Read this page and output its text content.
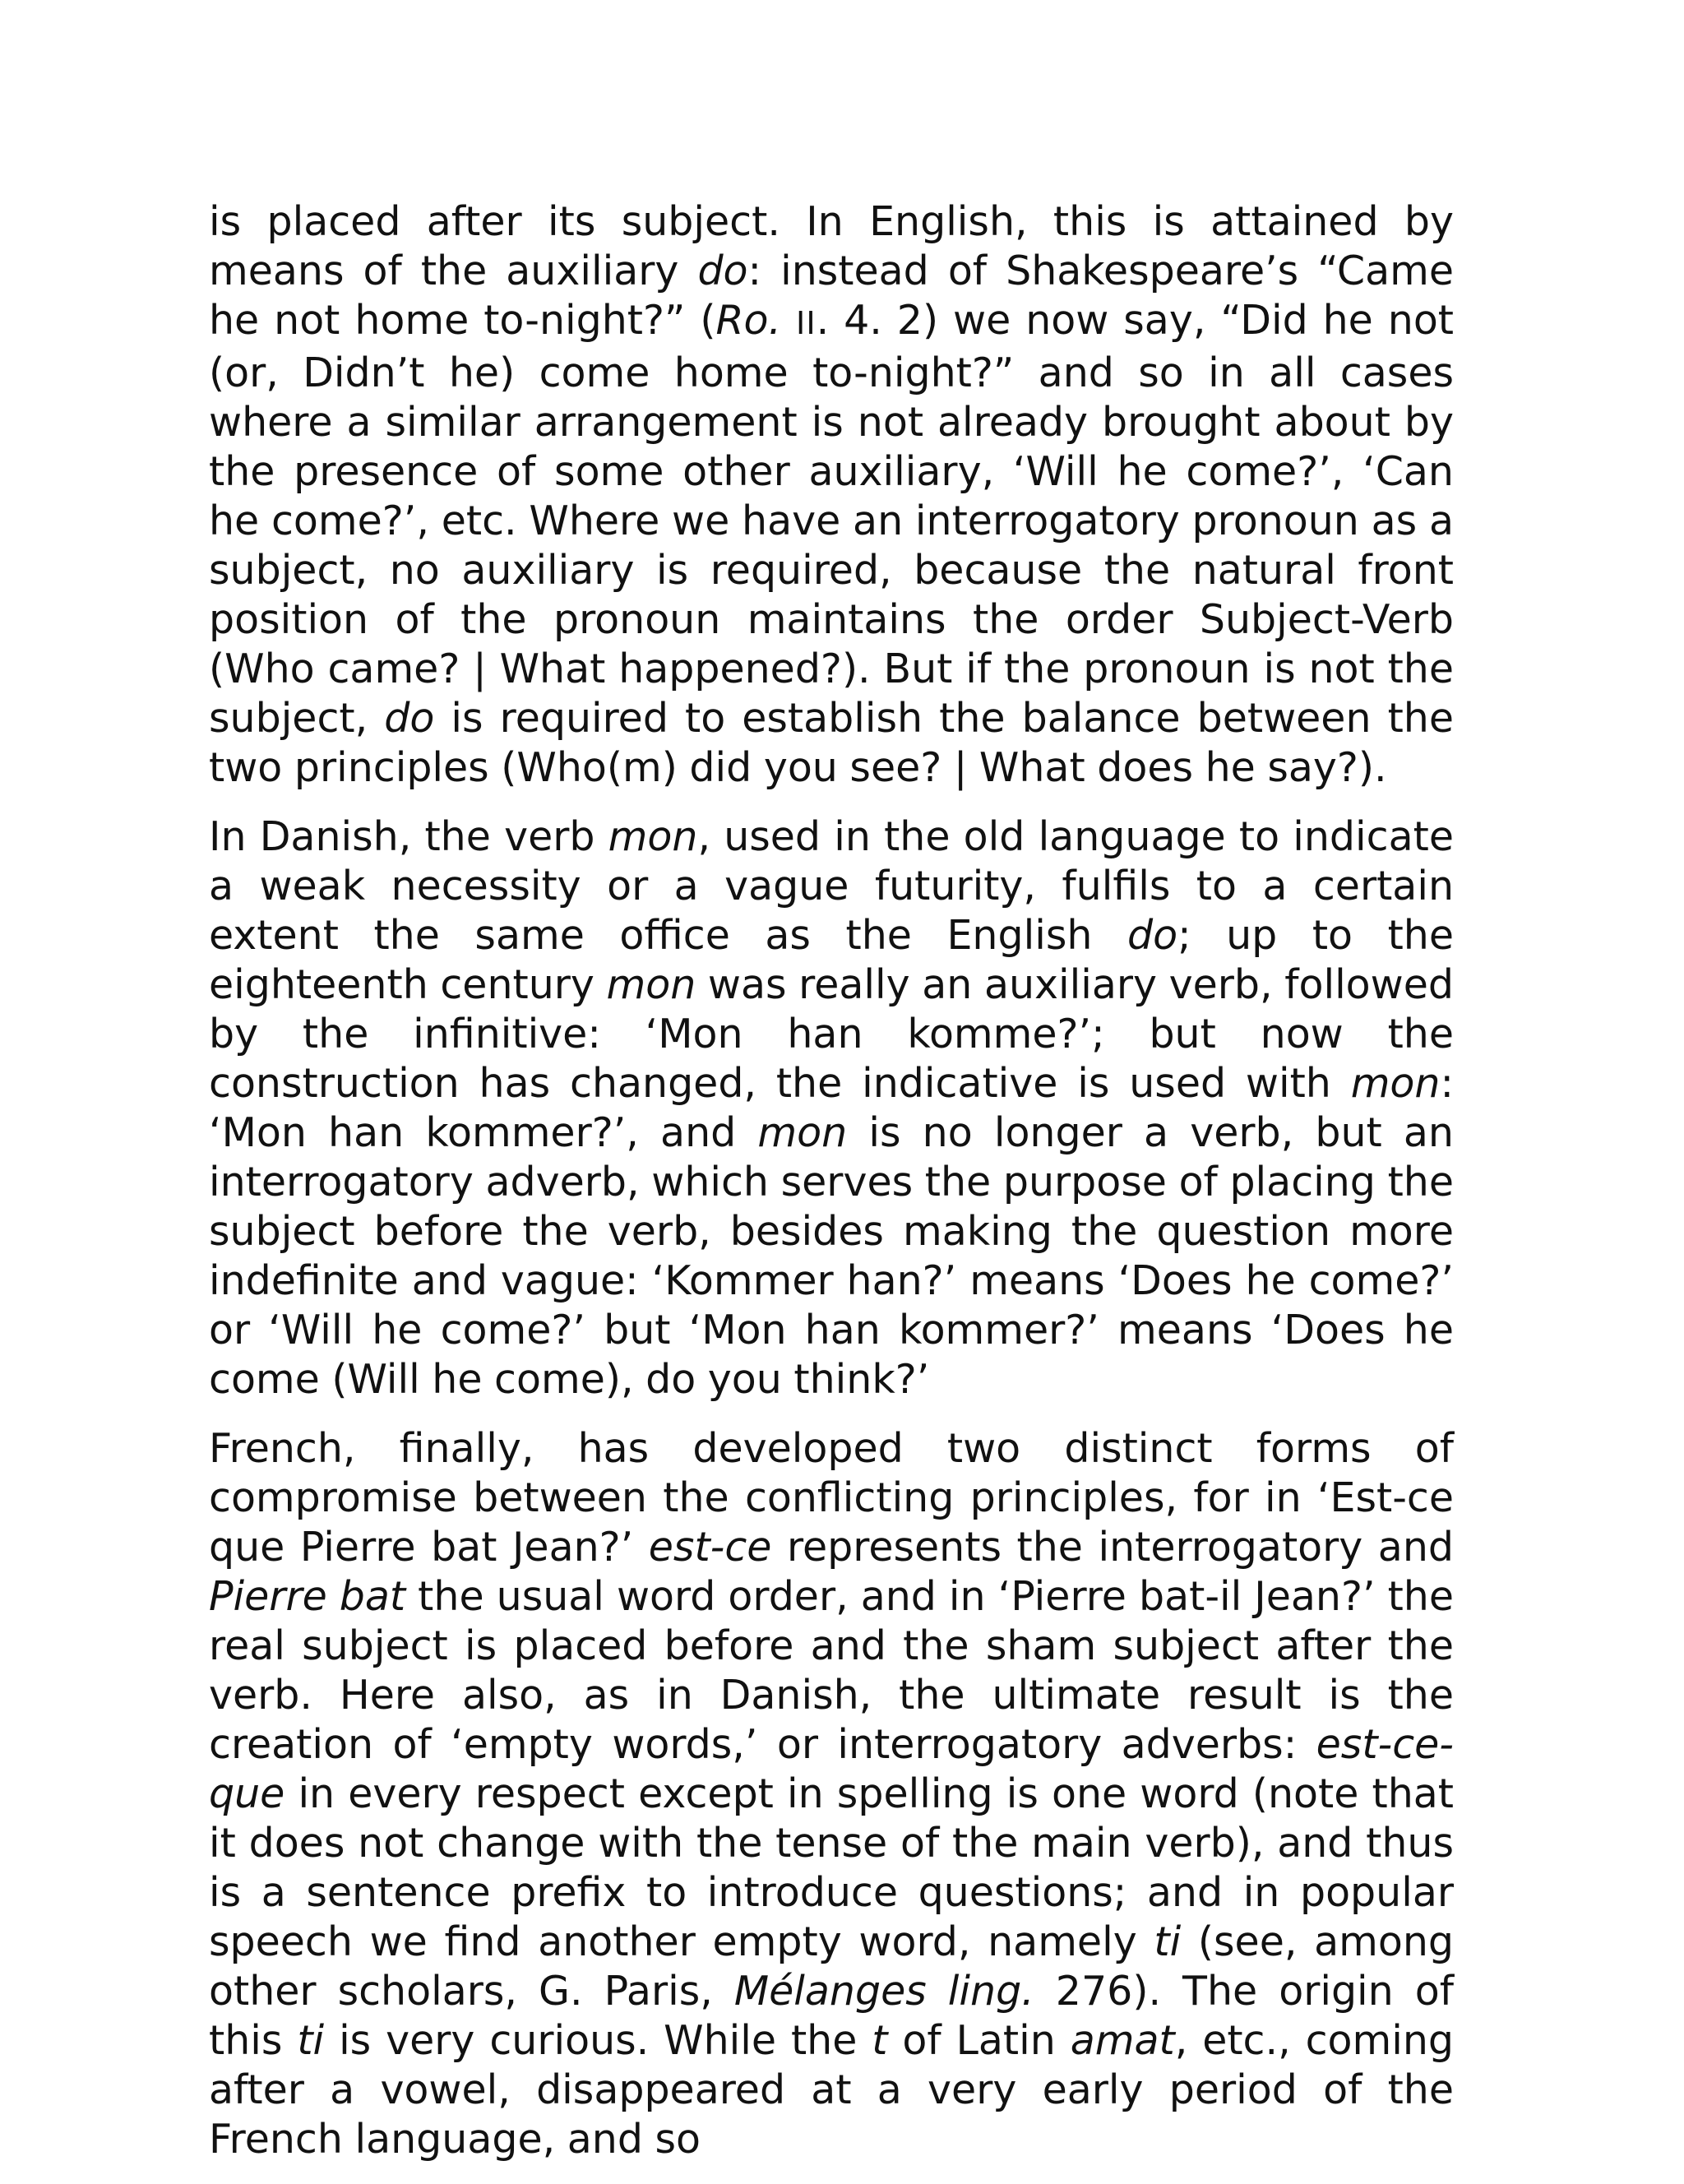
is placed after its subject. In English, this is attained by means of the auxiliary do: instead of Shakespeare’s “Came he not home to-night?” (Ro. II. 4. 2) we now say, “Did he not (or, Didn’t he) come home to-night?” and so in all cases where a similar arrangement is not already brought about by the presence of some other auxiliary, ‘Will he come?’, ‘Can he come?’, etc. Where we have an interrogatory pronoun as a subject, no auxiliary is required, because the natural front position of the pronoun maintains the order Subject-Verb (Who came? | What happened?). But if the pronoun is not the subject, do is required to establish the balance between the two principles (Who(m) did you see? | What does he say?).

In Danish, the verb mon, used in the old language to indicate a weak necessity or a vague futurity, fulfils to a certain extent the same office as the English do; up to the eighteenth century mon was really an auxiliary verb, followed by the infinitive: ‘Mon han komme?’; but now the construction has changed, the indicative is used with mon: ‘Mon han kommer?’, and mon is no longer a verb, but an interrogatory adverb, which serves the purpose of placing the subject before the verb, besides making the question more indefinite and vague: ‘Kommer han?’ means ‘Does he come?’ or ‘Will he come?’ but ‘Mon han kommer?’ means ‘Does he come (Will he come), do you think?’

French, finally, has developed two distinct forms of compromise between the conflicting principles, for in ‘Est-ce que Pierre bat Jean?’ est-ce represents the interrogatory and Pierre bat the usual word order, and in ‘Pierre bat-il Jean?’ the real subject is placed before and the sham subject after the verb. Here also, as in Danish, the ultimate result is the creation of ‘empty words,’ or interrogatory adverbs: est-ce-que in every respect except in spelling is one word (note that it does not change with the tense of the main verb), and thus is a sentence prefix to introduce questions; and in popular speech we find another empty word, namely ti (see, among other scholars, G. Paris, Mélanges ling. 276). The origin of this ti is very curious. While the t of Latin amat, etc., coming after a vowel, disappeared at a very early period of the French language, and so
